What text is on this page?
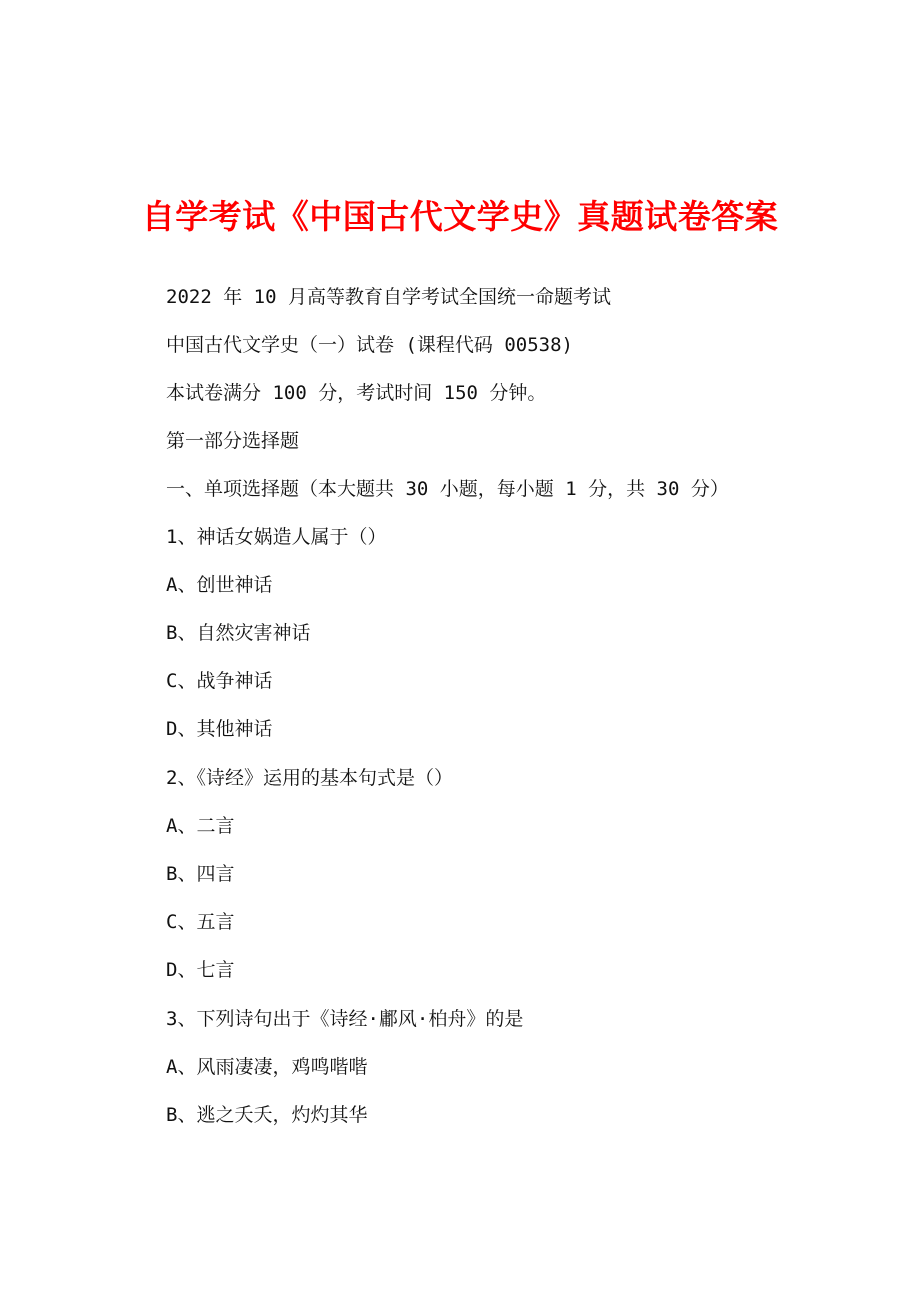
自学考试《中国古代文学史》真题试卷答案
2022 年 10 月高等教育自学考试全国统一命题考试
中国古代文学史（一）试卷 (课程代码 00538)
本试卷满分 100 分，考试时间 150 分钟。
第一部分选择题
一、单项选择题（本大题共 30 小题，每小题 1 分，共 30 分）
1、神话女娲造人属于（）
A、创世神话
B、自然灾害神话
C、战争神话
D、其他神话
2、《诗经》运用的基本句式是（）
A、二言
B、四言
C、五言
D、七言
3、下列诗句出于《诗经·鄘风·柏舟》的是
A、风雨凄凄，鸡鸣喈喈
B、逃之夭夭，灼灼其华
